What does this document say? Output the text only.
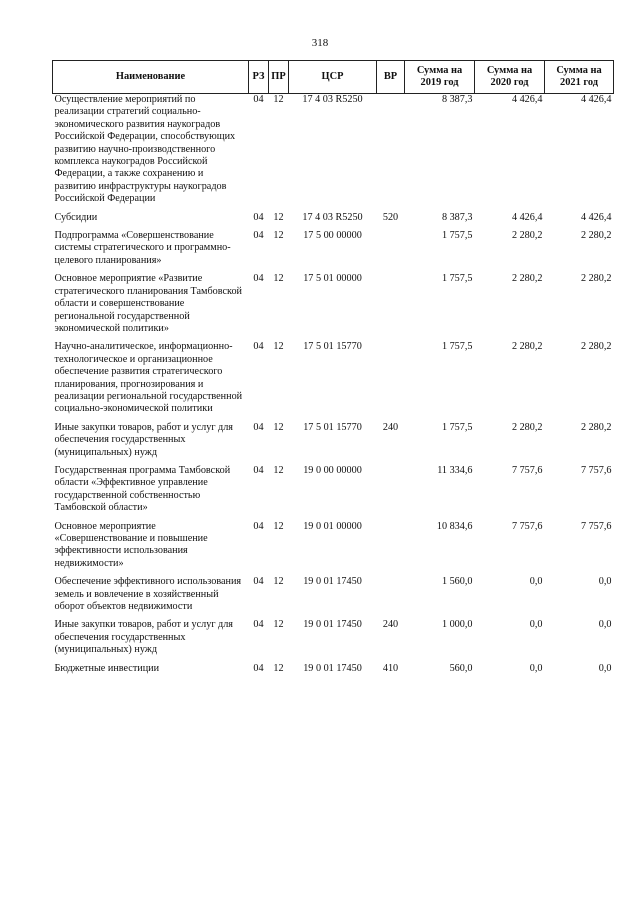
318
Наименование	РЗ	ПР	ЦСР	ВР	Сумма на 2019 год	Сумма на 2020 год	Сумма на 2021 год
Осуществление мероприятий по реализации стратегий социально-экономического развития наукоградов Российской Федерации, способствующих развитию научно-производственного комплекса наукоградов Российской Федерации, а также сохранению и развитию инфраструктуры наукоградов Российской Федерации	04	12	17 4 03 R5250		8 387,3	4 426,4	4 426,4
Субсидии	04	12	17 4 03 R5250	520	8 387,3	4 426,4	4 426,4
Подпрограмма «Совершенствование системы стратегического и программно-целевого планирования»	04	12	17 5 00 00000		1 757,5	2 280,2	2 280,2
Основное мероприятие «Развитие стратегического планирования Тамбовской области и совершенствование региональной государственной экономической политики»	04	12	17 5 01 00000		1 757,5	2 280,2	2 280,2
Научно-аналитическое, информационно-технологическое и организационное обеспечение развития стратегического планирования, прогнозирования и реализации региональной государственной социально-экономической политики	04	12	17 5 01 15770		1 757,5	2 280,2	2 280,2
Иные закупки товаров, работ и услуг для обеспечения государственных (муниципальных) нужд	04	12	17 5 01 15770	240	1 757,5	2 280,2	2 280,2
Государственная программа Тамбовской области «Эффективное управление государственной собственностью Тамбовской области»	04	12	19 0 00 00000		11 334,6	7 757,6	7 757,6
Основное мероприятие «Совершенствование и повышение эффективности использования недвижимости»	04	12	19 0 01 00000		10 834,6	7 757,6	7 757,6
Обеспечение эффективного использования земель и вовлечение в хозяйственный оборот объектов недвижимости	04	12	19 0 01 17450		1 560,0	0,0	0,0
Иные закупки товаров, работ и услуг для обеспечения государственных (муниципальных) нужд	04	12	19 0 01 17450	240	1 000,0	0,0	0,0
Бюджетные инвестиции	04	12	19 0 01 17450	410	560,0	0,0	0,0
